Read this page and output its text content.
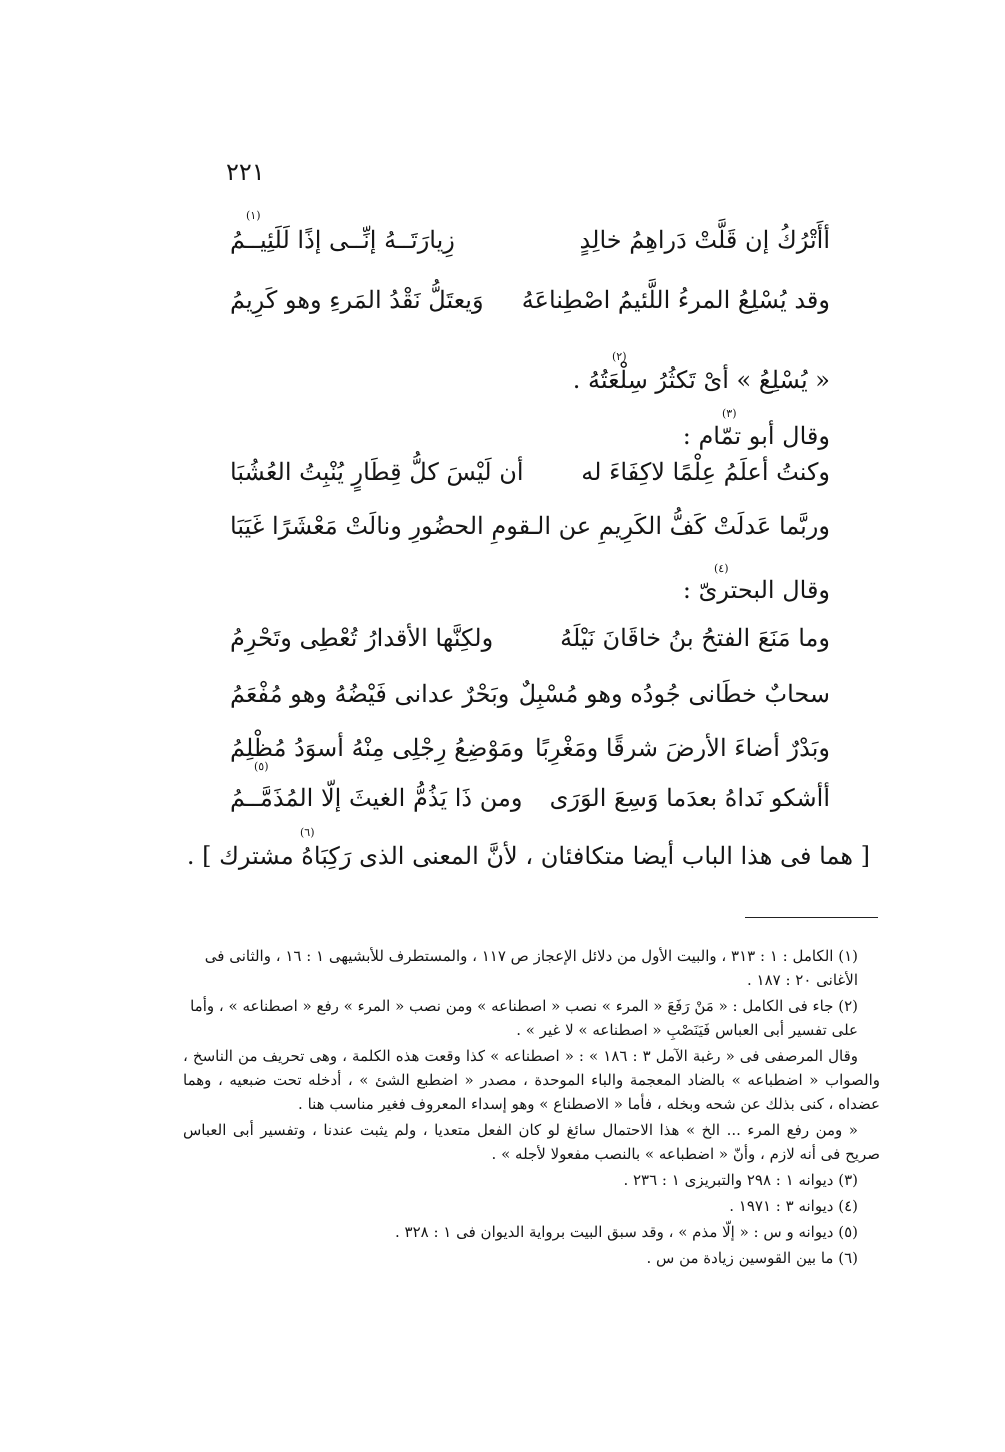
٢٢١
(١)
أأَتْرُكُ إن قَلَّتْ دَراهِمُ خالِدٍ
زِيارَتَــهُ إنِّــى إذًا لَلَئِيــمُ
وقد يُسْلِعُ المرءُ اللَّئيمُ اصْطِناعَهُ
وَيعتَلُّ نَقْدُ المَرءِ وهو كَرِيمُ
(٢)
« يُسْلِعُ » أىْ تَكثُرُ سِلْعَتُهُ .
(٣)
وقال أبو تمّام :
وكنتُ أعلَمُ عِلْمًا لاكِفَاءَ له
أن لَيْسَ كلُّ قِطَارٍ يُنْبِتُ العُشُبَا
وربَّما عَدلَتْ كَفُّ الكَرِيمِ عن الـ
ـقومِ الحضُورِ ونالَتْ مَعْشَرًا غَيَبَا
(٤)
وقال البحترىّ :
وما مَنَعَ الفتحُ بنُ خاقَانَ نَيْلَهُ
ولكِنَّها الأقدارُ تُعْطِى وتَحْرِمُ
سحابٌ خطَانى جُودُه وهو مُسْبِلٌ
وبَحْرٌ عدانى فَيْضُهُ وهو مُفْعَمُ
وبَدْرٌ أضاءَ الأرضَ شرقًا ومَغْرِبًا
ومَوْضِعُ رِجْلِى مِنْهُ أسوَدُ مُظْلِمُ
(٥)
أأشكو نَداهُ بعدَما وَسِعَ الوَرَى
ومن ذَا يَذُمُّ الغيثَ إلّا المُذَمَّــمُ
(٦)
[ هما فى هذا الباب أيضا متكافئان ، لأنَّ المعنى الذى رَكِبَاهُ مشترك ] .

(١) الكامل : ١ : ٣١٣ ، والبيت الأول من دلائل الإعجاز ص ١١٧ ، والمستطرف للأبشيهى ١ : ١٦ ، والثانى فى الأغانى ٢٠ : ١٨٧ .

(٢) جاء فى الكامل : « مَنْ رَفَعَ « المرء » نصب « اصطناعه » ومن نصب « المرء » رفع « اصطناعه » ، وأما على تفسير أبى العباس فَيَنَصْبِ « اصطناعه » لا غير » .

وقال المرصفى فى « رغبة الآمل ٣ : ١٨٦ » : « اصطناعه » كذا وقعت هذه الكلمة ، وهى تحريف من الناسخ ، والصواب « اضطباعه » بالضاد المعجمة والباء الموحدة ، مصدر « اضطبع الشئ » ، أدخله تحت ضبعيه ، وهما عضداه ، كنى بذلك عن شحه وبخله ، فأما « الاصطناع » وهو إسداء المعروف فغير مناسب هنا .

« ومن رفع المرء ... الخ » هذا الاحتمال سائغ لو كان الفعل متعديا ، ولم يثبت عندنا ، وتفسير أبى العباس صريح فى أنه لازم ، وأنّ « اضطباعه » بالنصب مفعولا لأجله » .

(٣) ديوانه ١ : ٢٩٨ والتبريزى ١ : ٢٣٦ .

(٤) ديوانه ٣ : ١٩٧١ .

(٥) ديوانه و س : « إلّا مذم » ، وقد سبق البيت برواية الديوان فى ١ : ٣٢٨ .

(٦) ما بين القوسين زيادة من س .
